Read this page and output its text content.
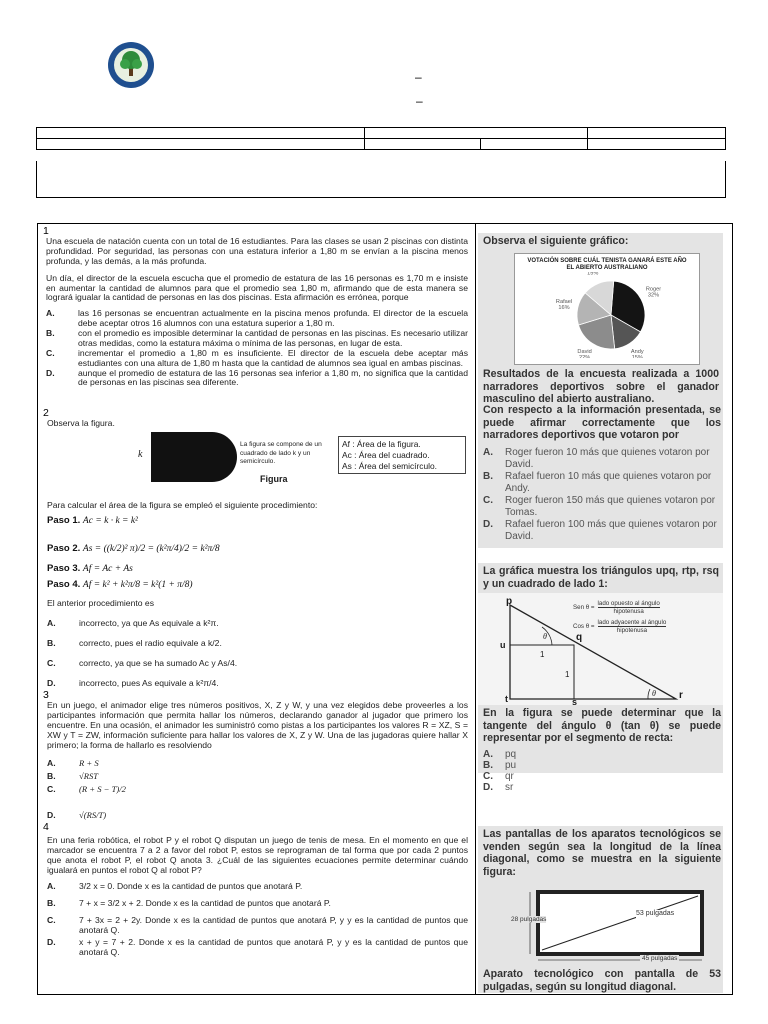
–
–

1
Una escuela de natación cuenta con un total de 16 estudiantes. Para las clases se usan 2 piscinas con distinta profundidad. Por seguridad, las personas con una estatura inferior a 1,80 m se envían a la piscina menos profunda, y las demás, a la más profunda.
Un día, el director de la escuela escucha que el promedio de estatura de las 16 personas es 1,70 m e insiste en aumentar la cantidad de alumnos para que el promedio sea 1,80 m, afirmando que de esta manera se logrará igualar la cantidad de personas en las dos piscinas. Esta afirmación es errónea, porque
A.	las 16 personas se encuentran actualmente en la piscina menos profunda. El director de la escuela debe aceptar otros 16 alumnos con una estatura superior a 1,80 m.
B.	con el promedio es imposible determinar la cantidad de personas en las piscinas. Es necesario utilizar otras medidas, como la estatura máxima o mínima de las personas, en lugar de esta.
C.	incrementar el promedio a 1,80 m es insuficiente. El director de la escuela debe aceptar más estudiantes con una altura de 1,80 m hasta que la cantidad de alumnos sea igual en ambas piscinas.
D.	aunque el promedio de estatura de las 16 personas sea inferior a 1,80 m, no significa que la cantidad de personas en las piscinas sea diferente.
2
Observa la figura.
k
La figura se compone de un cuadrado de lado k y un semicírculo.
Figura
Af : Área de la figura.
Ac : Área del cuadrado.
As : Área del semicírculo.
Para calcular el área de la figura se empleó el siguiente procedimiento:
Paso 1. Ac = k · k = k²
Paso 2. As = ((k/2)² π)/2 = (k²π/4)/2 = k²π/8
Paso 3. Af = Ac + As
Paso 4. Af = k² + k²π/8 = k²(1 + π/8)
El anterior procedimiento es
A.	incorrecto, ya que As equivale a k²π.
B.	correcto, pues el radio equivale a k/2.
C.	correcto, ya que se ha sumado Ac y As/4.
D.	incorrecto, pues As equivale a k²π/4.
3
En un juego, el animador elige tres números positivos, X, Z y W, y una vez elegidos debe proveerles a los participantes información que permita hallar los números, declarando ganador al jugador que primero los encuentre. En una ocasión, el animador les suministró como pistas a los participantes los valores R = XZ, S = XW y T = ZW, información suficiente para hallar los valores de X, Z y W. Una de las jugadoras quiere hallar X primero; la forma de hallarlo es resolviendo
A.	R + S
B.	√RST
C.	(R + S − T)/2
D.	√(RS/T)
4
En una feria robótica, el robot P y el robot Q disputan un juego de tenis de mesa. En el momento en que el marcador se encuentra 7 a 2 a favor del robot P, estos se reprograman de tal forma que por cada 2 puntos que anota el robot P, el robot Q anota 3. ¿Cuál de las siguientes ecuaciones permite determinar cuándo igualará en puntos el robot Q al robot P?
A.	3/2 x = 0. Donde x es la cantidad de puntos que anotará P.
B.	7 + x = 3/2 x + 2. Donde x es la cantidad de puntos que anotará P.
C.	7 + 3x = 2 + 2y. Donde x es la cantidad de puntos que anotará P, y y es la cantidad de puntos que anotará Q.
D.	x + y = 7 + 2. Donde x es la cantidad de puntos que anotará P, y y es la cantidad de puntos que anotará Q.
Observa el siguiente gráfico:
VOTACIÓN SOBRE CUÁL TENISTA GANARÁ ESTE AÑO EL ABIERTO AUSTRALIANO
Roger 32%
Andy
David
Rafael 16%
15%
Resultados de la encuesta realizada a 1000 narradores deportivos sobre el ganador masculino del abierto australiano.
Con respecto a la información presentada, se puede afirmar correctamente que los narradores deportivos que votaron por
A.	Roger fueron 10 más que quienes votaron por David.
B.	Rafael fueron 10 más que quienes votaron por Andy.
C.	Roger fueron 150 más que quienes votaron por Tomas.
D.	Rafael fueron 100 más que quienes votaron por David.
La gráfica muestra los triángulos upq, rtp, rsq y un cuadrado de lado 1:
p
u
q
t	s
r
θ
θ
1
1
Sen θ =
lado opuesto al ángulo
hipotenusa
Cos θ =
lado adyacente al ángulo
hipotenusa
En la figura se puede determinar que la tangente del ángulo θ (tan θ) se puede representar por el segmento de recta:
A.	pq
B.	pu
C.	qr
D.	sr
Las pantallas de los aparatos tecnológicos se venden según sea la longitud de la línea diagonal, como se muestra en la siguiente figura:
28 pulgadas
53 pulgadas
45 pulgadas
Aparato tecnológico con pantalla de 53 pulgadas, según su longitud diagonal.
